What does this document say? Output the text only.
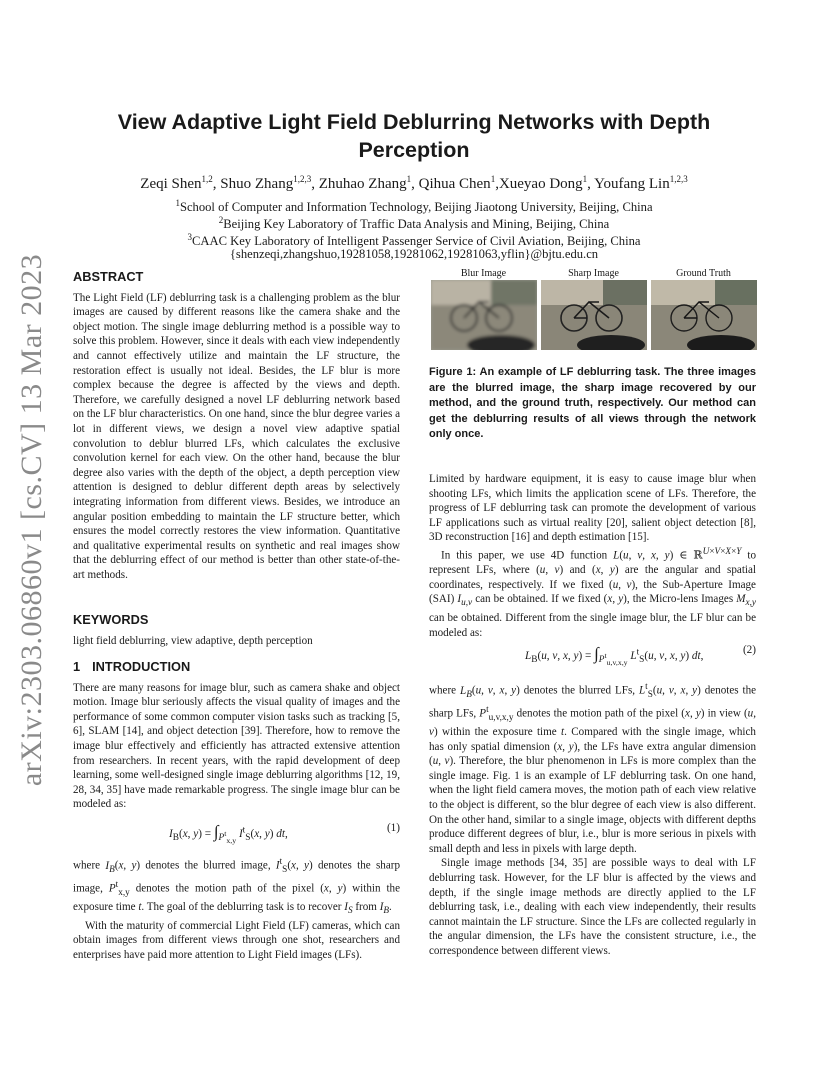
arXiv:2303.06860v1 [cs.CV] 13 Mar 2023
View Adaptive Light Field Deblurring Networks with Depth Perception
Zeqi Shen$^{1,2}$, Shuo Zhang$^{1,2,3}$, Zhuhao Zhang$^1$, Qihua Chen$^1$,Xueyao Dong$^1$, Youfang Lin$^{1,2,3}$
$^1$School of Computer and Information Technology, Beijing Jiaotong University, Beijing, China
$^2$Beijing Key Laboratory of Traffic Data Analysis and Mining, Beijing, China
$^3$CAAC Key Laboratory of Intelligent Passenger Service of Civil Aviation, Beijing, China
{shenzeqi,zhangshuo,19281058,19281062,19281063,yflin}@bjtu.edu.cn

ABSTRACT

The Light Field (LF) deblurring task is a challenging problem as the blur images are caused by different reasons like the camera shake and the object motion. The single image deblurring method is a possible way to solve this problem. However, since it deals with each view independently and cannot effectively utilize and maintain the LF structure, the restoration effect is usually not ideal. Besides, the LF blur is more complex because the degree is affected by the views and depth. Therefore, we carefully designed a novel LF deblurring network based on the LF blur characteristics. On one hand, since the blur degree varies a lot in different views, we design a novel view adaptive spatial convolution to deblur blurred LFs, which calculates the exclusive convolution kernel for each view. On the other hand, because the blur degree also varies with the depth of the object, a depth perception view attention is designed to deblur different depth areas by selectively integrating information from different views. Besides, we introduce an angular position embedding to maintain the LF structure better, which ensures the model correctly restores the view information. Quantitative and qualitative experimental results on synthetic and real images show that the deblurring effect of our method is better than other state-of-the-art methods.

KEYWORDS

light field deblurring, view adaptive, depth perception

1 INTRODUCTION

There are many reasons for image blur, such as camera shake and object motion. Image blur seriously affects the visual quality of images and the performance of some common computer vision tasks such as tracking [5, 6], SLAM [14], and object detection [39]. Therefore, how to remove the image blur effectively and efficiently has attracted extensive attention from researchers. In recent years, with the rapid development of deep learning, some well-designed single image deblurring algorithms [12, 19, 28, 34, 35] have made remarkable progress. The single image blur can be modeled as:

$I_B(x$, $y) = \int_{P^t_{x,y}}$ $I^t_S(x$, y) dt,	(1)

where $I_B(x$, y) denotes the blurred image, $I^t_S(x$, y) denotes the sharp image, $P^t_{x,y}$ denotes the motion path of the pixel (x, y) within the exposure time t. The goal of the deblurring task is to recover $I_S$ from $I_B$.

With the maturity of commercial Light Field (LF) cameras, which can obtain images from different views through one shot, researchers and enterprises have paid more attention to Light Field images (LFs).

Blur Image	Sharp Image	Ground Truth
Figure 1: An example of LF deblurring task. The three images are the blurred image, the sharp image recovered by our method, and the ground truth, respectively. Our method can get the deblurring results of all views through the network only once.

Limited by hardware equipment, it is easy to cause image blur when shooting LFs, which limits the application scene of LFs. Therefore, the progress of LF deblurring task can promote the development of various LF applications such as virtual reality [20], salient object detection [8], 3D reconstruction [16] and depth estimation [15].

In this paper, we use 4D function L(u, v, x, y) ∈ ℝ$^{U\times V\times X\times Y}$ to represent LFs, where (u, v) and (x, y) are the angular and spatial coordinates, respectively. If we fixed (u, v), the Sub-Aperture Image (SAI) $I_{u,v}$ can be obtained. If we fixed (x, y), the Micro-lens Images $M_{x,y}$ can be obtained. Different from the single image blur, the LF blur can be modeled as:

$L_B(u$, v, x, $y) = \int_{P^t_{u,v,x,y}}$ $L^t_S(u$, v, x, y) dt,	(2)

where $L_B(u$, v, x, y) denotes the blurred LFs, $L^t_S(u$, v, x, y) denotes the sharp LFs, $P^t_{u,v,x,y}$ denotes the motion path of the pixel (x, y) in view (u, v) within the exposure time t. Compared with the single image, which has only spatial dimension (x, y), the LFs have extra angular dimension (u, v). Therefore, the blur phenomenon in LFs is more complex than the single image. Fig. 1 is an example of LF deblurring task. On one hand, when the light field camera moves, the motion path of each view relative to the object is different, so the blur degree of each view is also different. On the other hand, similar to a single image, objects with different depths produce different degrees of blur, i.e., blur is more serious in pixels with small depth and less in pixels with large depth.

Single image methods [34, 35] are possible ways to deal with LF deblurring task. However, for the LF blur is affected by the views and depth, if the single image methods are directly applied to the LF deblurring task, i.e., dealing with each view independently, their results cannot maintain the LF structure. Since the LFs are collected regularly in the angular dimension, the LFs have the consistent structure, i.e., the correspondence between different views.
